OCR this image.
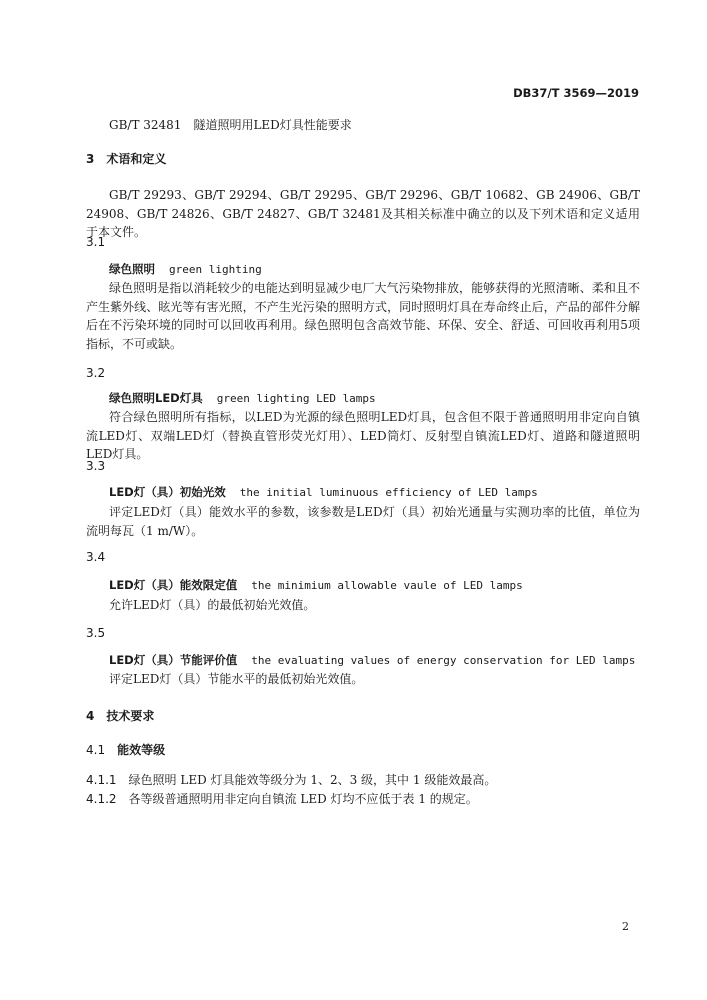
DB37/T 3569—2019
GB/T 32481　隧道照明用LED灯具性能要求
3 术语和定义

GB/T 29293、GB/T 29294、GB/T 29295、GB/T 29296、GB/T 10682、GB 24906、GB/T 24908、GB/T 24826、GB/T 24827、GB/T 32481及其相关标准中确立的以及下列术语和定义适用于本文件。

3.1
绿色照明 green lighting

绿色照明是指以消耗较少的电能达到明显减少电厂大气污染物排放，能够获得的光照清晰、柔和且不产生紫外线、眩光等有害光照，不产生光污染的照明方式，同时照明灯具在寿命终止后，产品的部件分解后在不污染环境的同时可以回收再利用。绿色照明包含高效节能、环保、安全、舒适、可回收再利用5项指标，不可或缺。

3.2
绿色照明LED灯具 green lighting LED lamps

符合绿色照明所有指标，以LED为光源的绿色照明LED灯具，包含但不限于普通照明用非定向自镇流LED灯、双端LED灯（替换直管形荧光灯用）、LED筒灯、反射型自镇流LED灯、道路和隧道照明LED灯具。

3.3
LED灯（具）初始光效 the initial luminuous efficiency of LED lamps

评定LED灯（具）能效水平的参数，该参数是LED灯（具）初始光通量与实测功率的比值，单位为流明每瓦（1 m/W）。

3.4
LED灯（具）能效限定值 the minimium allowable vaule of LED lamps

允许LED灯（具）的最低初始光效值。

3.5
LED灯（具）节能评价值 the evaluating values of energy conservation for LED lamps

评定LED灯（具）节能水平的最低初始光效值。

4 技术要求
4.1 能效等级
4.1.1 绿色照明 LED 灯具能效等级分为 1、2、3 级，其中 1 级能效最高。
4.1.2 各等级普通照明用非定向自镇流 LED 灯均不应低于表 1 的规定。
2
